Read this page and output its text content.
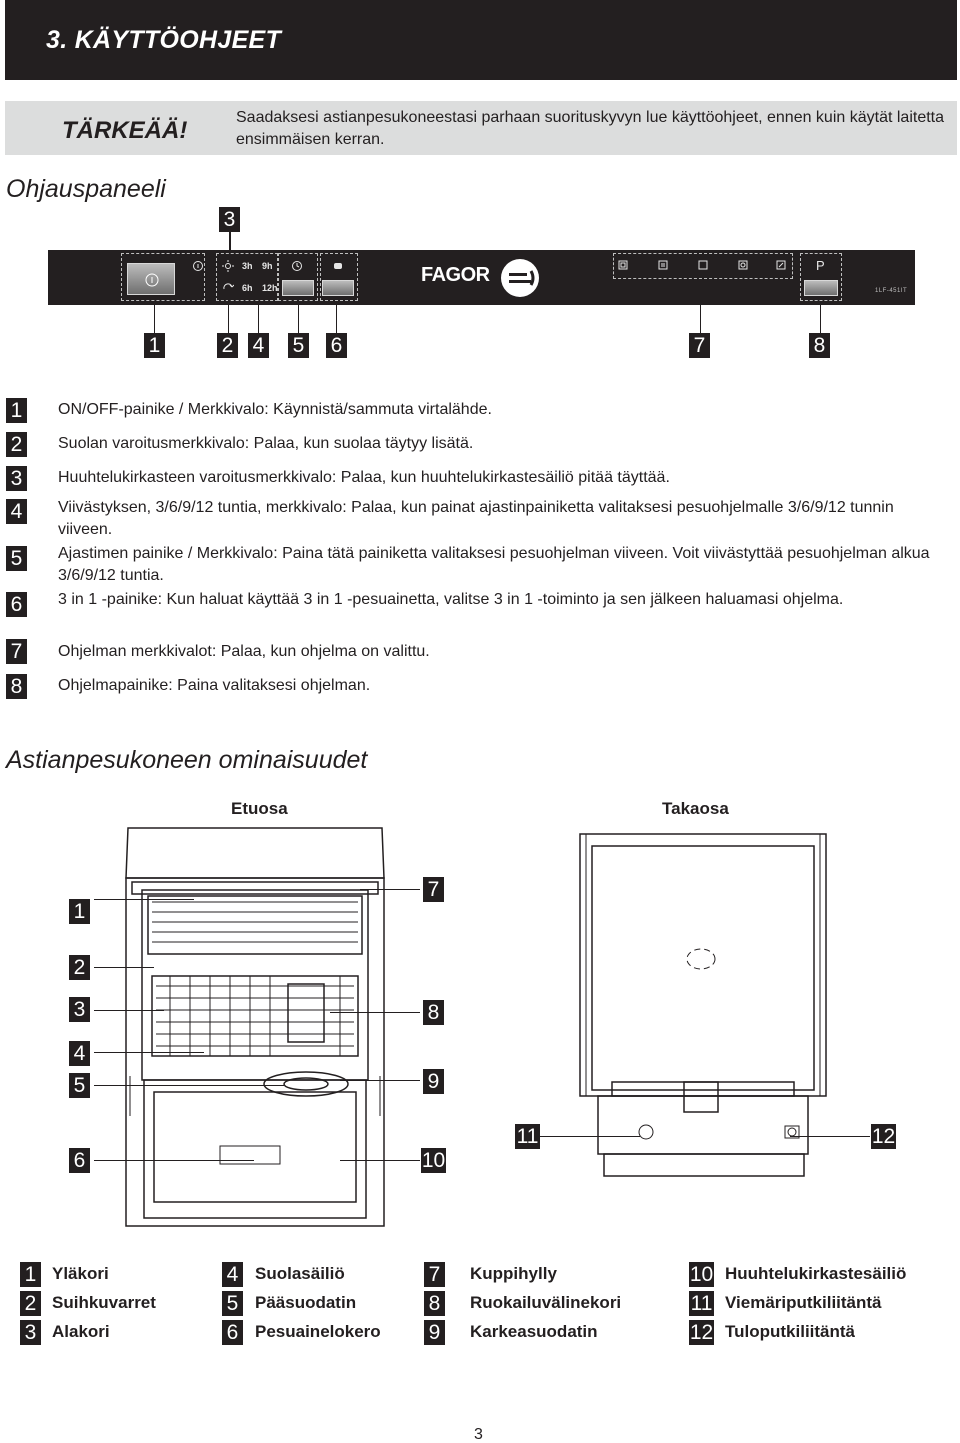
3. KÄYTTÖOHJEET
TÄRKEÄÄ!	Saadaksesi astianpesukoneestasi parhaan suorituskyvyn lue käyttöohjeet, ennen kuin käytät laitetta ensimmäisen kerran.
Ohjauspaneeli
3
3h 9h
6h 12h
FAGOR	P
1LF-451IT
1	2 4 5 6	7	8
1 ON/OFF-painike / Merkkivalo: Käynnistä/sammuta virtalähde.
2 Suolan varoitusmerkkivalo: Palaa, kun suolaa täytyy lisätä.
3 Huuhtelukirkasteen varoitusmerkkivalo: Palaa, kun huuhtelukirkastesäiliö pitää täyttää.
4 Viivästyksen, 3/6/9/12 tuntia, merkkivalo: Palaa, kun painat ajastinpainiketta valitaksesi pesuohjelmalle 3/6/9/12 tunnin viiveen.
5 Ajastimen painike / Merkkivalo: Paina tätä painiketta valitaksesi pesuohjelman viiveen. Voit viivästyttää pesuohjelman alkua 3/6/9/12 tuntia.
6 3 in 1 -painike: Kun haluat käyttää 3 in 1 -pesuainetta, valitse 3 in 1 -toiminto ja sen jälkeen haluamasi ohjelma.
7 Ohjelman merkkivalot: Palaa, kun ohjelma on valittu.
8 Ohjelmapainike: Paina valitaksesi ohjelman.
Astianpesukoneen ominaisuudet
Etuosa	Takaosa
1
2
3
4
5
6
7
8
9
10
11	12
1 Yläkori
2 Suihkuvarret
3 Alakori
4 Suolasäiliö
5 Pääsuodatin
6 Pesuainelokero
7 Kuppihylly
8 Ruokailuvälinekori
9 Karkeasuodatin
10 Huuhtelukirkastesäiliö
11 Viemäriputkiliitäntä
12 Tuloputkiliitäntä
3
